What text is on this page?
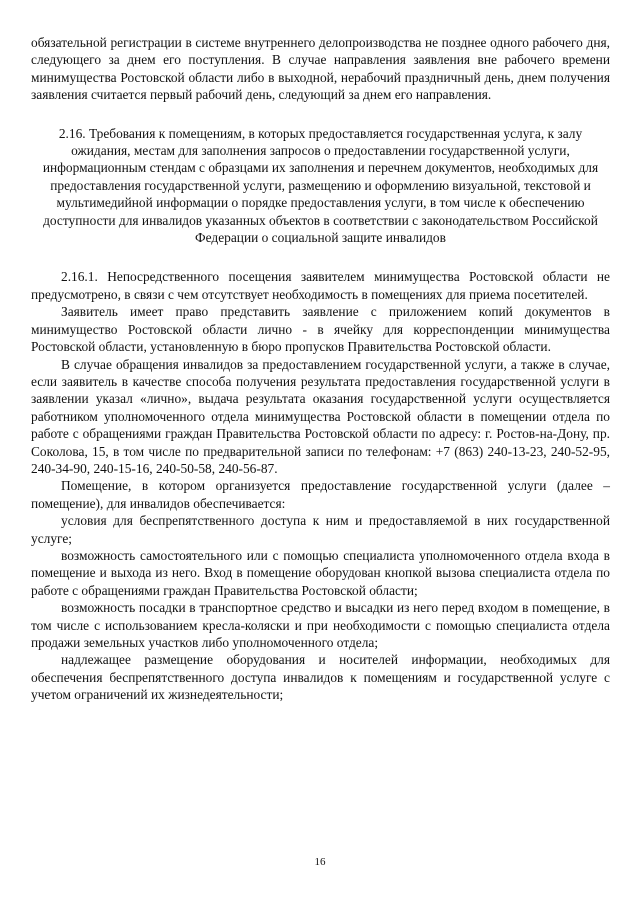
обязательной регистрации в системе внутреннего делопроизводства не позднее одного рабочего дня, следующего за днем его поступления. В случае направления заявления вне рабочего времени минимущества Ростовской области либо в выходной, нерабочий праздничный день, днем получения заявления считается первый рабочий день, следующий за днем его направления.

2.16. Требования к помещениям, в которых предоставляется государственная услуга, к залу ожидания, местам для заполнения запросов о предоставлении государственной услуги, информационным стендам с образцами их заполнения и перечнем документов, необходимых для предоставления государственной услуги, размещению и оформлению визуальной, текстовой и мультимедийной информации о порядке предоставления услуги, в том числе к обеспечению доступности для инвалидов указанных объектов в соответствии с законодательством Российской Федерации о социальной защите инвалидов

2.16.1. Непосредственного посещения заявителем минимущества Ростовской области не предусмотрено, в связи с чем отсутствует необходимость в помещениях для приема посетителей.

Заявитель имеет право представить заявление с приложением копий документов в минимущество Ростовской области лично - в ячейку для корреспонденции минимущества Ростовской области, установленную в бюро пропусков Правительства Ростовской области.

В случае обращения инвалидов за предоставлением государственной услуги, а также в случае, если заявитель в качестве способа получения результата предоставления государственной услуги в заявлении указал «лично», выдача результата оказания государственной услуги осуществляется работником уполномоченного отдела минимущества Ростовской области в помещении отдела по работе с обращениями граждан Правительства Ростовской области по адресу: г. Ростов-на-Дону, пр. Соколова, 15, в том числе по предварительной записи по телефонам: +7 (863) 240-13-23, 240-52-95, 240-34-90, 240-15-16, 240-50-58, 240-56-87.

Помещение, в котором организуется предоставление государственной услуги (далее – помещение), для инвалидов обеспечивается:

условия для беспрепятственного доступа к ним и предоставляемой в них государственной услуге;

возможность самостоятельного или с помощью специалиста уполномоченного отдела входа в помещение и выхода из него. Вход в помещение оборудован кнопкой вызова специалиста отдела по работе с обращениями граждан Правительства Ростовской области;

возможность посадки в транспортное средство и высадки из него перед входом в помещение, в том числе с использованием кресла-коляски и при необходимости с помощью специалиста отдела продажи земельных участков либо уполномоченного отдела;

надлежащее размещение оборудования и носителей информации, необходимых для обеспечения беспрепятственного доступа инвалидов к помещениям и государственной услуге с учетом ограничений их жизнедеятельности;

16
